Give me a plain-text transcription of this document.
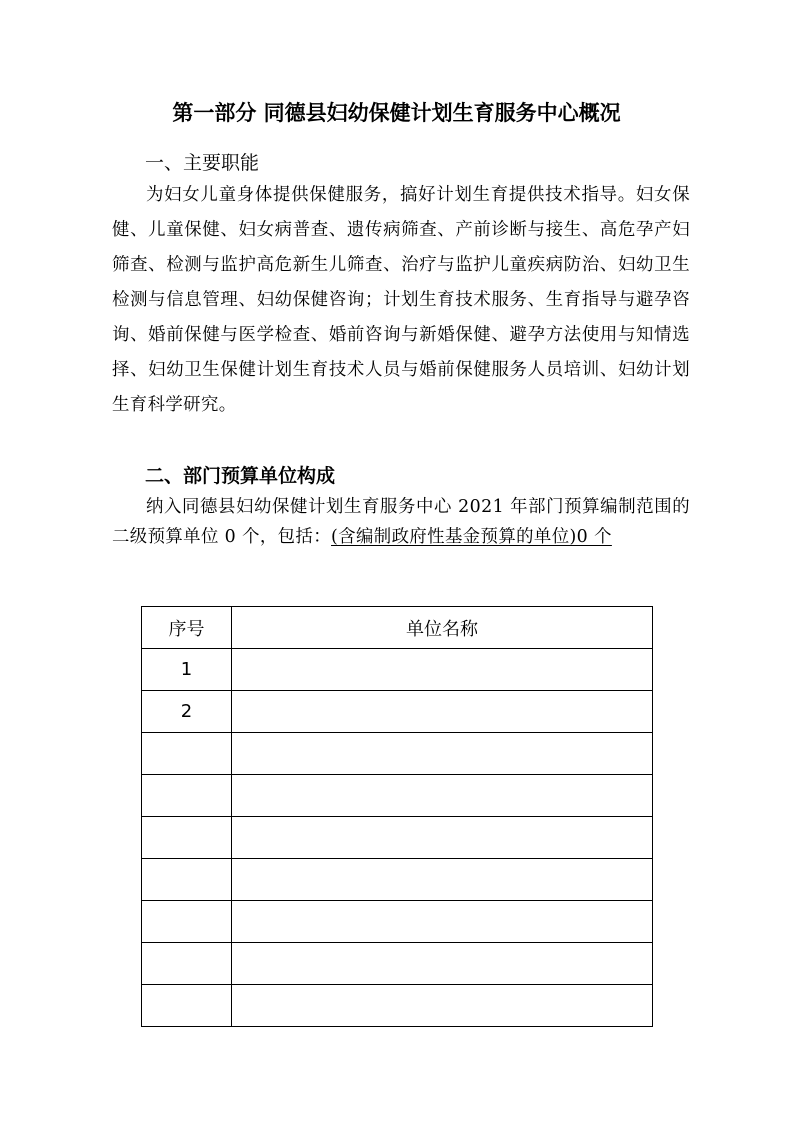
第一部分 同德县妇幼保健计划生育服务中心概况
一、主要职能
为妇女儿童身体提供保健服务，搞好计划生育提供技术指导。妇女保健、儿童保健、妇女病普查、遗传病筛查、产前诊断与接生、高危孕产妇筛查、检测与监护高危新生儿筛查、治疗与监护儿童疾病防治、妇幼卫生检测与信息管理、妇幼保健咨询；计划生育技术服务、生育指导与避孕咨询、婚前保健与医学检查、婚前咨询与新婚保健、避孕方法使用与知情选择、妇幼卫生保健计划生育技术人员与婚前保健服务人员培训、妇幼计划生育科学研究。
二、部门预算单位构成
纳入同德县妇幼保健计划生育服务中心 2021 年部门预算编制范围的二级预算单位 0 个，包括：(含编制政府性基金预算的单位)0 个
序号	单位名称
1	
2	
